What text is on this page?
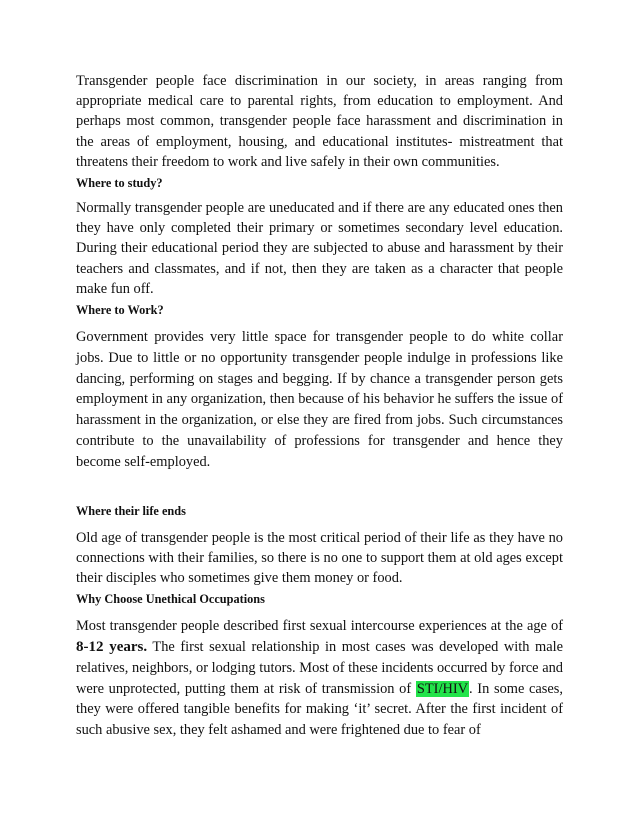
Transgender people face discrimination in our society, in areas ranging from appropriate medical care to parental rights, from education to employment. And perhaps most common, transgender people face harassment and discrimination in the areas of employment, housing, and educational institutes- mistreatment that threatens their freedom to work and live safely in their own communities.

Where to study?

Normally transgender people are uneducated and if there are any educated ones then they have only completed their primary or sometimes secondary level education. During their educational period they are subjected to abuse and harassment by their teachers and classmates, and if not, then they are taken as a character that people make fun off.

Where to Work?

Government provides very little space for transgender people to do white collar jobs. Due to little or no opportunity transgender people indulge in professions like dancing, performing on stages and begging. If by chance a transgender person gets employment in any organization, then because of his behavior he suffers the issue of harassment in the organization, or else they are fired from jobs. Such circumstances contribute to the unavailability of professions for transgender and hence they become self-employed.

Where their life ends

Old age of transgender people is the most critical period of their life as they have no connections with their families, so there is no one to support them at old ages except their disciples who sometimes give them money or food.

Why Choose Unethical Occupations

Most transgender people described first sexual intercourse experiences at the age of 8-12 years. The first sexual relationship in most cases was developed with male relatives, neighbors, or lodging tutors. Most of these incidents occurred by force and were unprotected, putting them at risk of transmission of STI/HIV. In some cases, they were offered tangible benefits for making ‘it’ secret. After the first incident of such abusive sex, they felt ashamed and were frightened due to fear of
